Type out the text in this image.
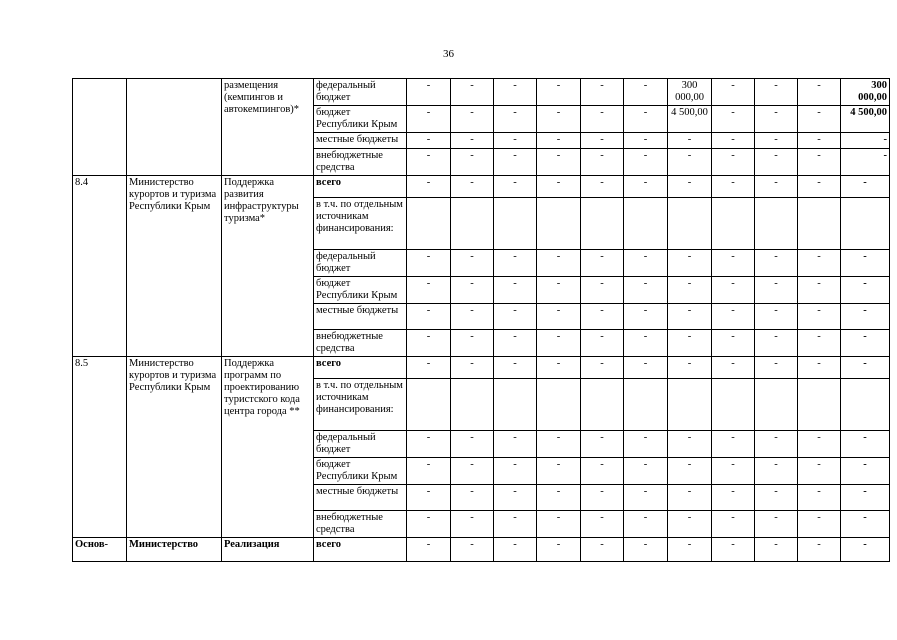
36
		размещения (кемпингов и автокемпингов)*	федеральный бюджет	-	-	-	-	-	-	300 000,00	-	-	-	300 000,00
			бюджет Республики Крым	-	-	-	-	-	-	4 500,00	-	-	-	4 500,00
			местные бюджеты	-	-	-	-	-	-	-	-	-	-	-
			внебюджетные средства	-	-	-	-	-	-	-	-	-	-	-
8.4	Министерство курортов и туризма Республики Крым	Поддержка развития инфраструктуры туризма*	всего	-	-	-	-	-	-	-	-	-	-	-
			в т.ч. по отдельным источникам финансирования:											
			федеральный бюджет	-	-	-	-	-	-	-	-	-	-	-
			бюджет Республики Крым	-	-	-	-	-	-	-	-	-	-	-
			местные бюджеты	-	-	-	-	-	-	-	-	-	-	-
			внебюджетные средства	-	-	-	-	-	-	-	-	-	-	-
8.5	Министерство курортов и туризма Республики Крым	Поддержка программ по проектированию туристского кода центра города **	всего	-	-	-	-	-	-	-	-	-	-	-
			в т.ч. по отдельным источникам финансирования:											
			федеральный бюджет	-	-	-	-	-	-	-	-	-	-	-
			бюджет Республики Крым	-	-	-	-	-	-	-	-	-	-	-
			местные бюджеты	-	-	-	-	-	-	-	-	-	-	-
			внебюджетные средства	-	-	-	-	-	-	-	-	-	-	-
Основ-	Министерство	Реализация	всего	-	-	-	-	-	-	-	-	-	-	-
